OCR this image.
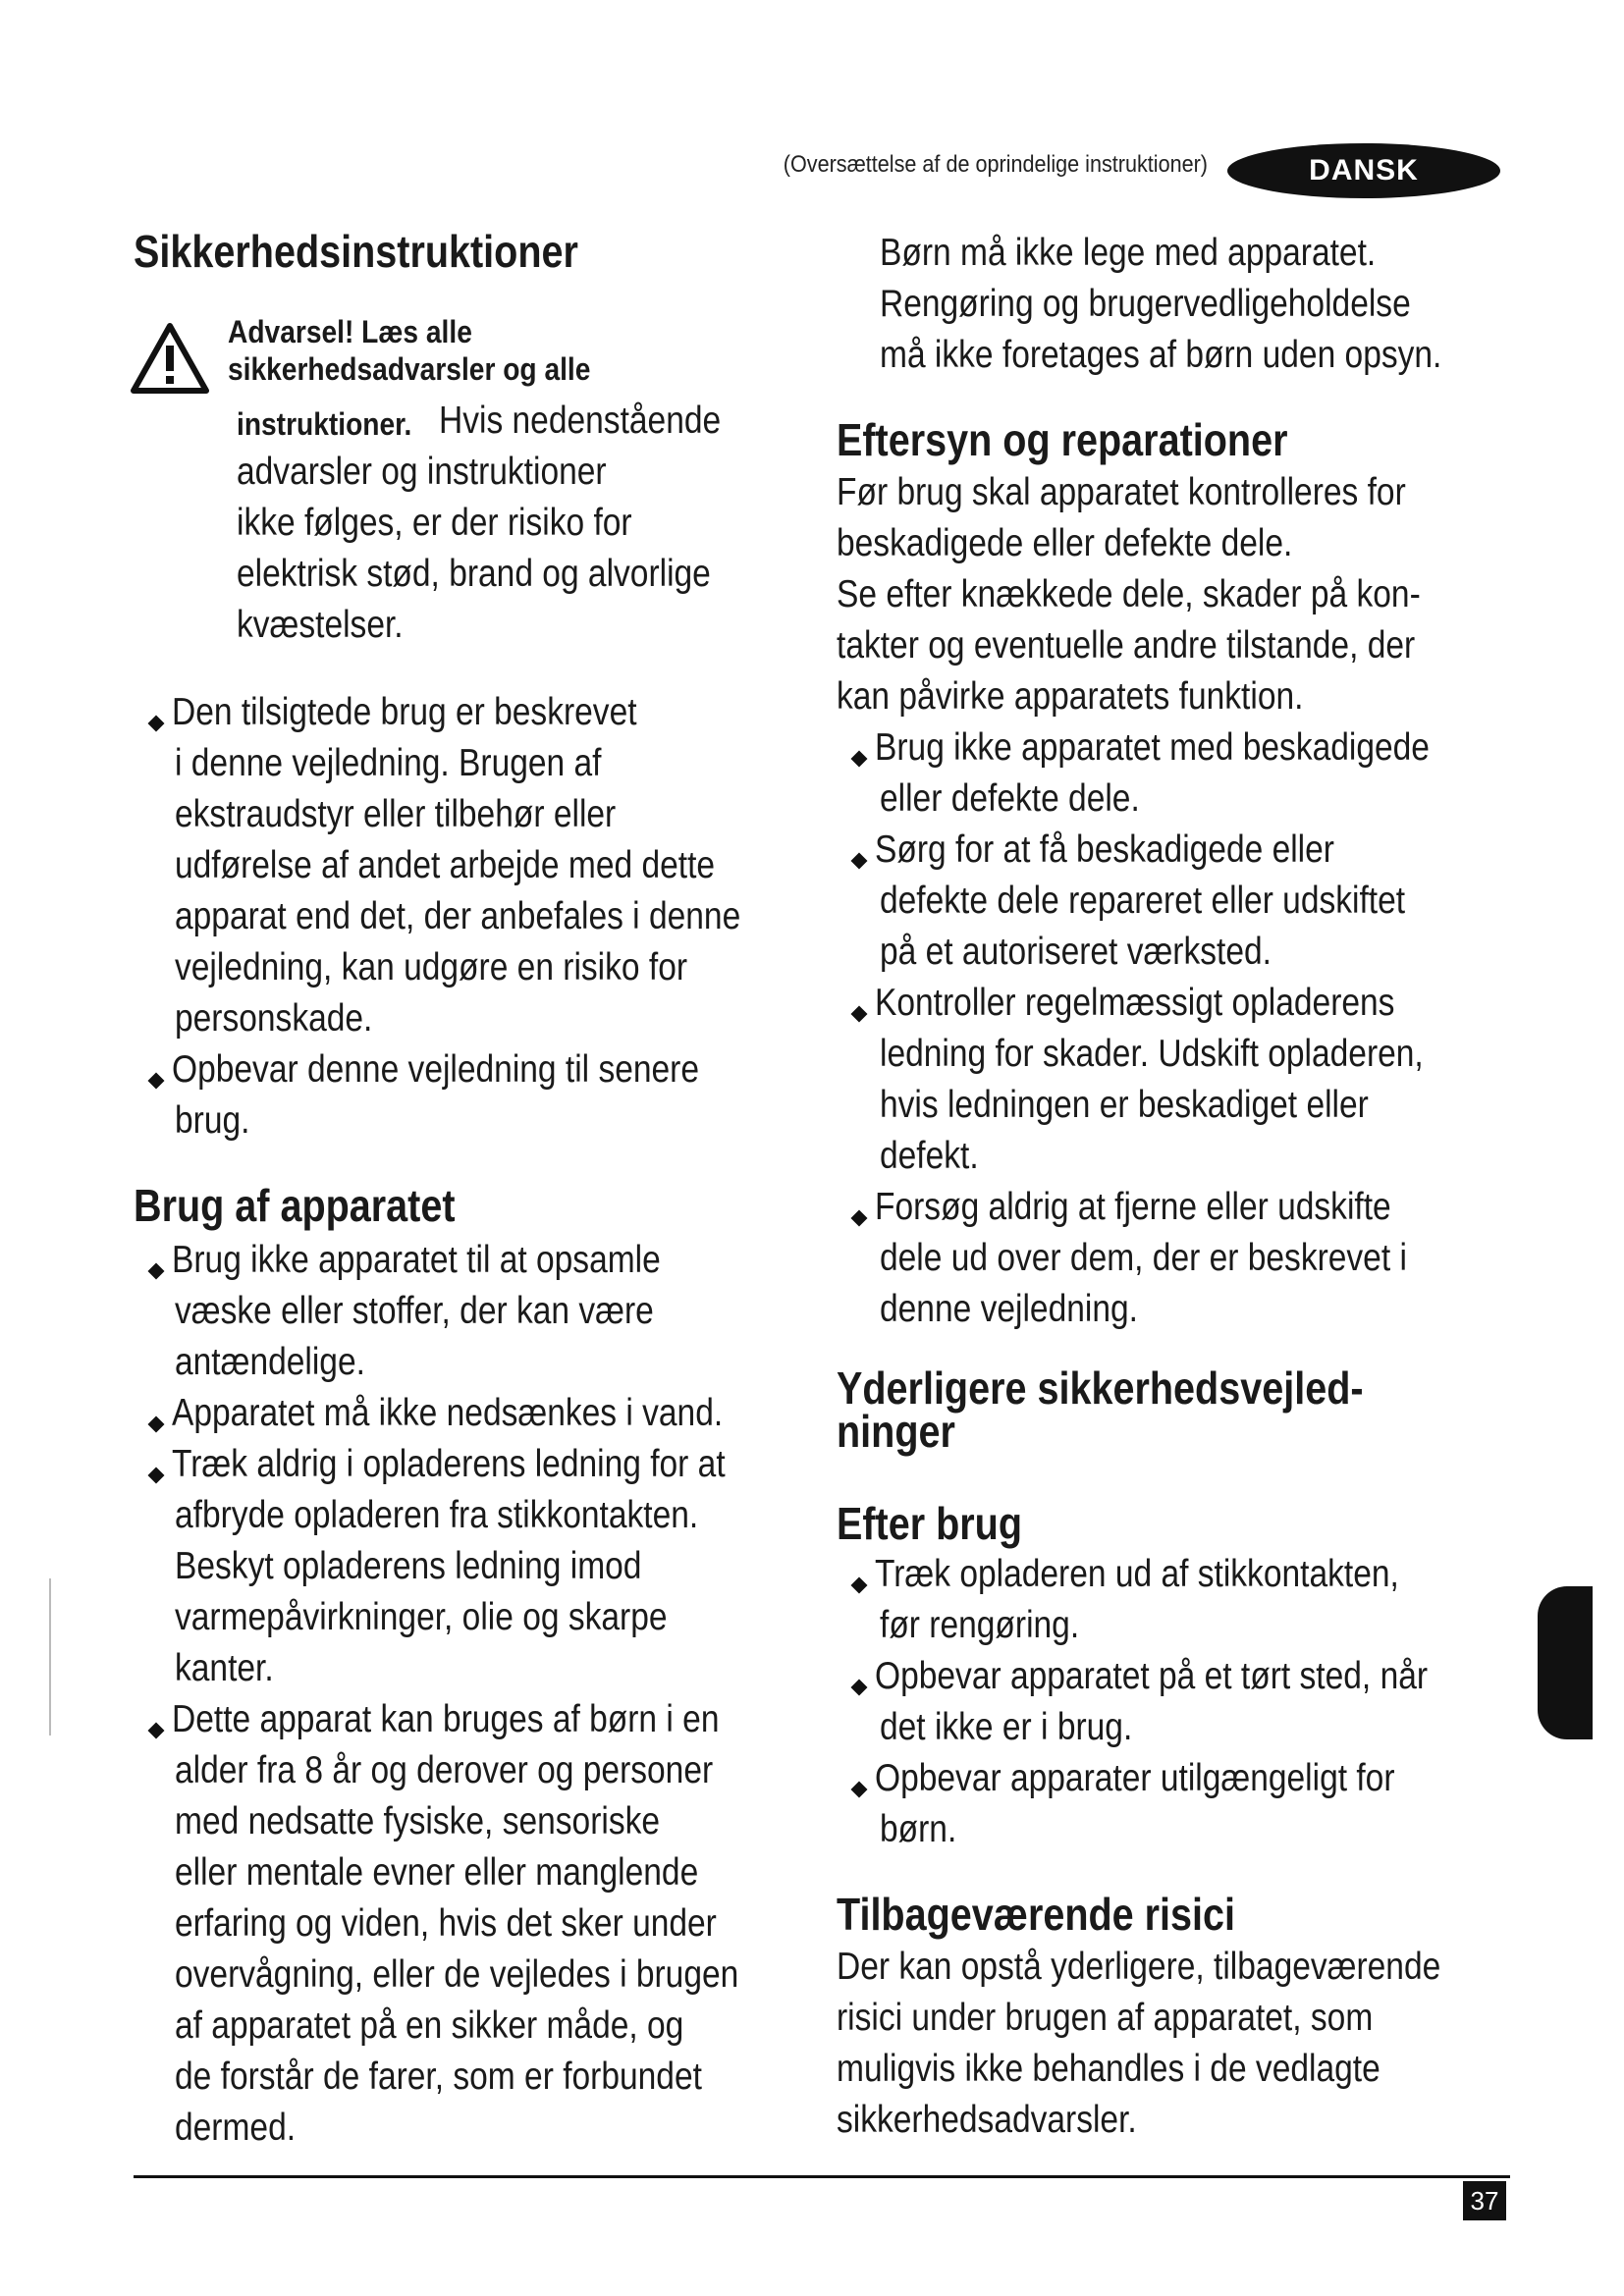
(Oversættelse af de oprindelige instruktioner)	DANSK
Sikkerhedsinstruktioner
Advarsel! Læs alle
sikkerhedsadvarsler og alle
instruktioner. Hvis nedenstående
advarsler og instruktioner
ikke følges, er der risiko for
elektrisk stød, brand og alvorlige
kvæstelser.
Den tilsigtede brug er beskrevet
i denne vejledning. Brugen af
ekstraudstyr eller tilbehør eller
udførelse af andet arbejde med dette
apparat end det, der anbefales i denne
vejledning, kan udgøre en risiko for
personskade.
Opbevar denne vejledning til senere
brug.
Brug af apparatet
Brug ikke apparatet til at opsamle
væske eller stoffer, der kan være
antændelige.
Apparatet må ikke nedsænkes i vand.
Træk aldrig i opladerens ledning for at
afbryde opladeren fra stikkontakten.
Beskyt opladerens ledning imod
varmepåvirkninger, olie og skarpe
kanter.
Dette apparat kan bruges af børn i en
alder fra 8 år og derover og personer
med nedsatte fysiske, sensoriske
eller mentale evner eller manglende
erfaring og viden, hvis det sker under
overvågning, eller de vejledes i brugen
af apparatet på en sikker måde, og
de forstår de farer, som er forbundet
dermed.
Børn må ikke lege med apparatet.
Rengøring og brugervedligeholdelse
må ikke foretages af børn uden opsyn.
Eftersyn og reparationer
Før brug skal apparatet kontrolleres for
beskadigede eller defekte dele.
Se efter knækkede dele, skader på kon-
takter og eventuelle andre tilstande, der
kan påvirke apparatets funktion.
Brug ikke apparatet med beskadigede
eller defekte dele.
Sørg for at få beskadigede eller
defekte dele repareret eller udskiftet
på et autoriseret værksted.
Kontroller regelmæssigt opladerens
ledning for skader. Udskift opladeren,
hvis ledningen er beskadiget eller
defekt.
Forsøg aldrig at fjerne eller udskifte
dele ud over dem, der er beskrevet i
denne vejledning.
Yderligere sikkerhedsvejled-
ninger
Efter brug
Træk opladeren ud af stikkontakten,
før rengøring.
Opbevar apparatet på et tørt sted, når
det ikke er i brug.
Opbevar apparater utilgængeligt for
børn.
Tilbageværende risici
Der kan opstå yderligere, tilbageværende
risici under brugen af apparatet, som
muligvis ikke behandles i de vedlagte
sikkerhedsadvarsler.
37
